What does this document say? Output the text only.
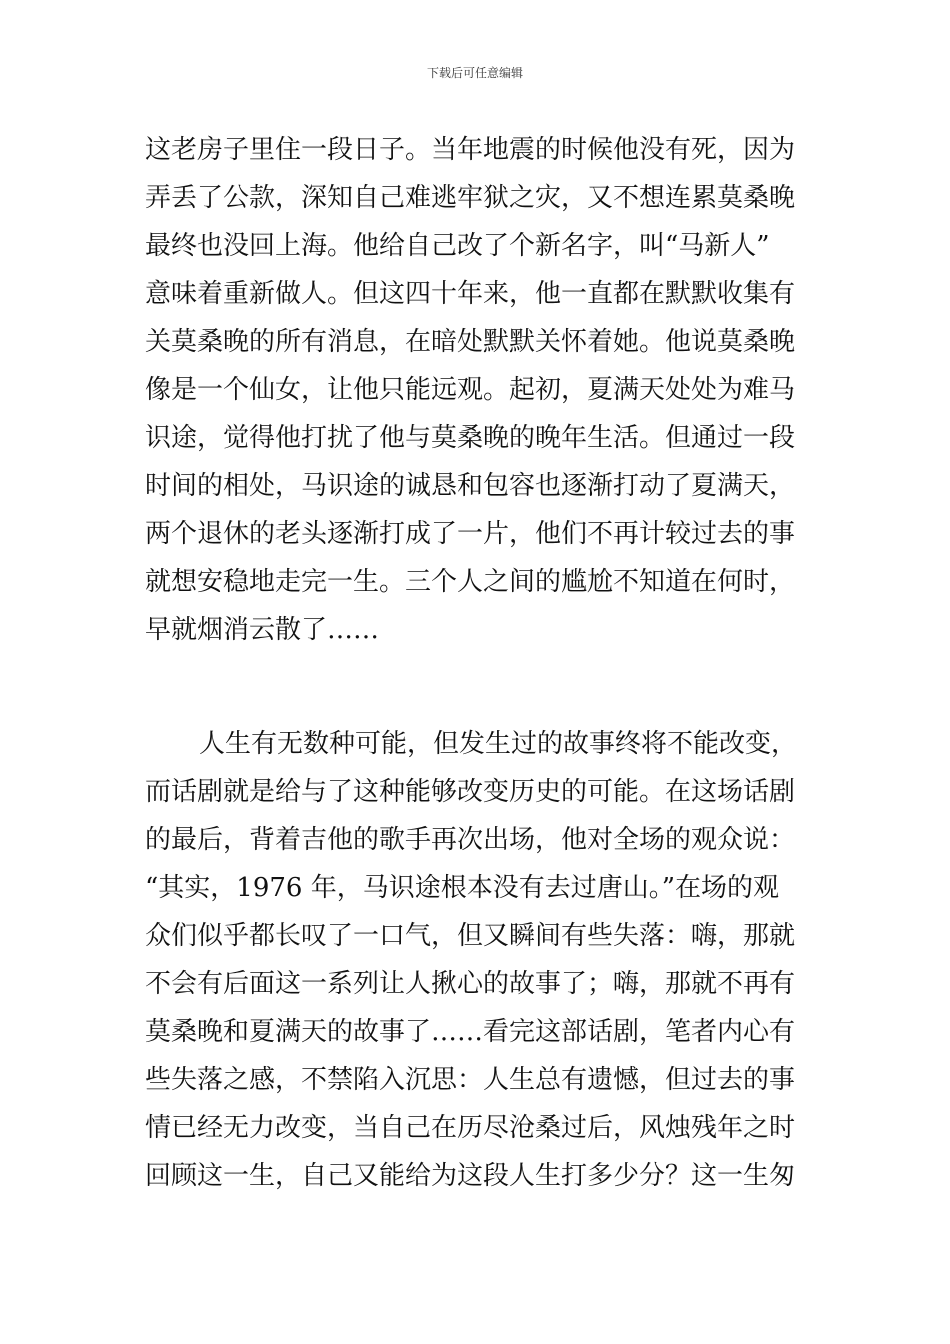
下载后可任意编辑
这老房子里住一段日子。当年地震的时候他没有死，因为
弄丢了公款，深知自己难逃牢狱之灾，又不想连累莫桑晚
最终也没回上海。他给自己改了个新名字，叫“马新人”
意味着重新做人。但这四十年来，他一直都在默默收集有
关莫桑晚的所有消息，在暗处默默关怀着她。他说莫桑晚
像是一个仙女，让他只能远观。起初，夏满天处处为难马
识途，觉得他打扰了他与莫桑晚的晚年生活。但通过一段
时间的相处，马识途的诚恳和包容也逐渐打动了夏满天，
两个退休的老头逐渐打成了一片，他们不再计较过去的事
就想安稳地走完一生。三个人之间的尴尬不知道在何时，
早就烟消云散了……
人生有无数种可能，但发生过的故事终将不能改变，
而话剧就是给与了这种能够改变历史的可能。在这场话剧
的最后，背着吉他的歌手再次出场，他对全场的观众说：
“其实，1976 年，马识途根本没有去过唐山。”在场的观
众们似乎都长叹了一口气，但又瞬间有些失落：嗨，那就
不会有后面这一系列让人揪心的故事了；嗨，那就不再有
莫桑晚和夏满天的故事了……看完这部话剧，笔者内心有
些失落之感，不禁陷入沉思：人生总有遗憾，但过去的事
情已经无力改变，当自己在历尽沧桑过后，风烛残年之时
回顾这一生，自己又能给为这段人生打多少分？这一生匆
